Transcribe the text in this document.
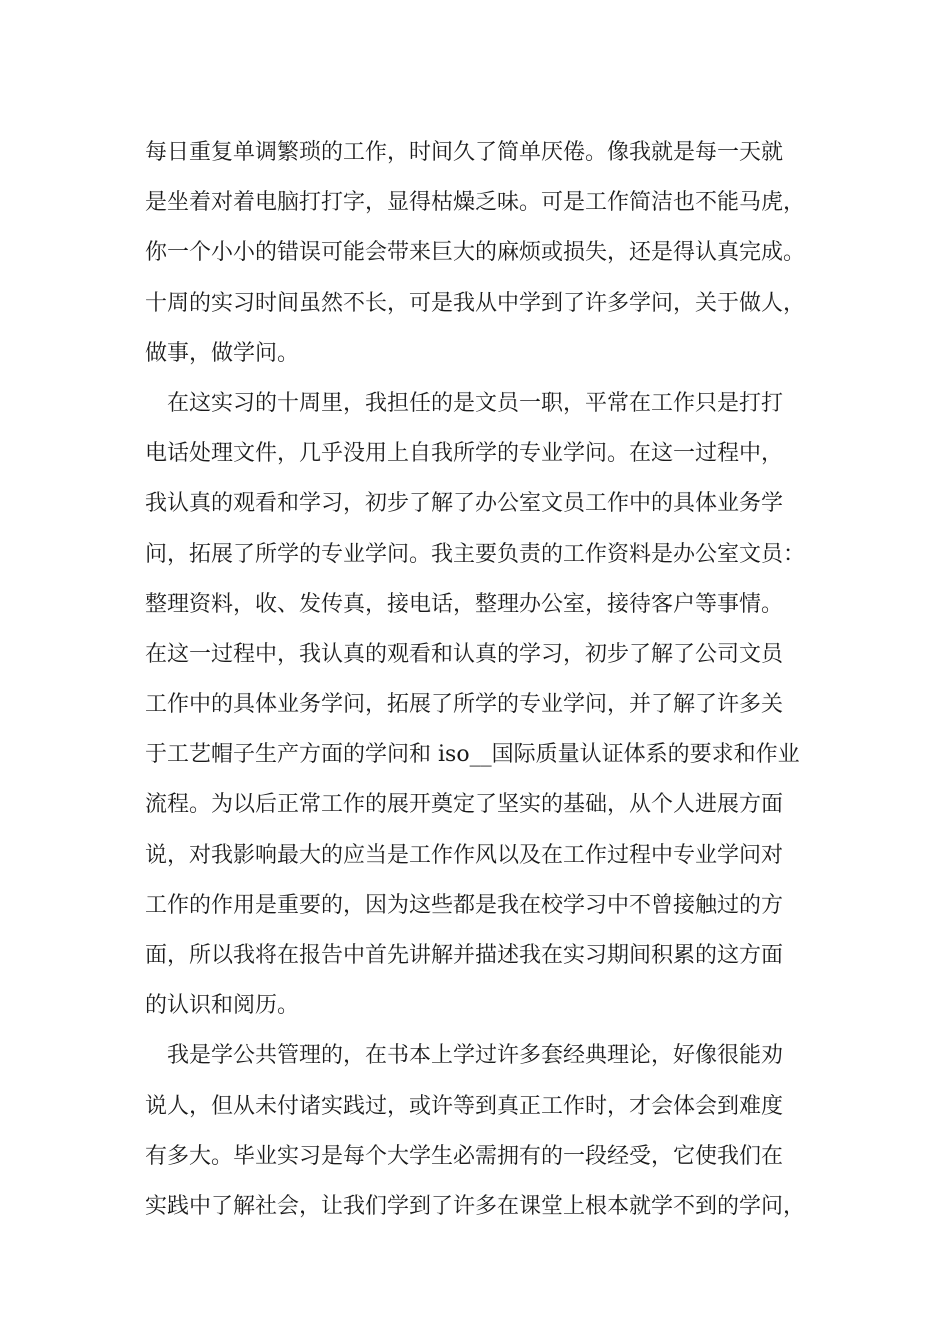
每日重复单调繁琐的工作，时间久了简单厌倦。像我就是每一天就
是坐着对着电脑打打字，显得枯燥乏味。可是工作简洁也不能马虎，
你一个小小的错误可能会带来巨大的麻烦或损失，还是得认真完成。
十周的实习时间虽然不长，可是我从中学到了许多学问，关于做人，
做事，做学问。
在这实习的十周里，我担任的是文员一职，平常在工作只是打打
电话处理文件，几乎没用上自我所学的专业学问。在这一过程中，
我认真的观看和学习，初步了解了办公室文员工作中的具体业务学
问，拓展了所学的专业学问。我主要负责的工作资料是办公室文员：
整理资料，收、发传真，接电话，整理办公室，接待客户等事情。
在这一过程中，我认真的观看和认真的学习，初步了解了公司文员
工作中的具体业务学问，拓展了所学的专业学问，并了解了许多关
于工艺帽子生产方面的学问和 iso__国际质量认证体系的要求和作业
流程。为以后正常工作的展开奠定了坚实的基础，从个人进展方面
说，对我影响最大的应当是工作作风以及在工作过程中专业学问对
工作的作用是重要的，因为这些都是我在校学习中不曾接触过的方
面，所以我将在报告中首先讲解并描述我在实习期间积累的这方面
的认识和阅历。
我是学公共管理的，在书本上学过许多套经典理论，好像很能劝
说人，但从未付诸实践过，或许等到真正工作时，才会体会到难度
有多大。毕业实习是每个大学生必需拥有的一段经受，它使我们在
实践中了解社会，让我们学到了许多在课堂上根本就学不到的学问，
